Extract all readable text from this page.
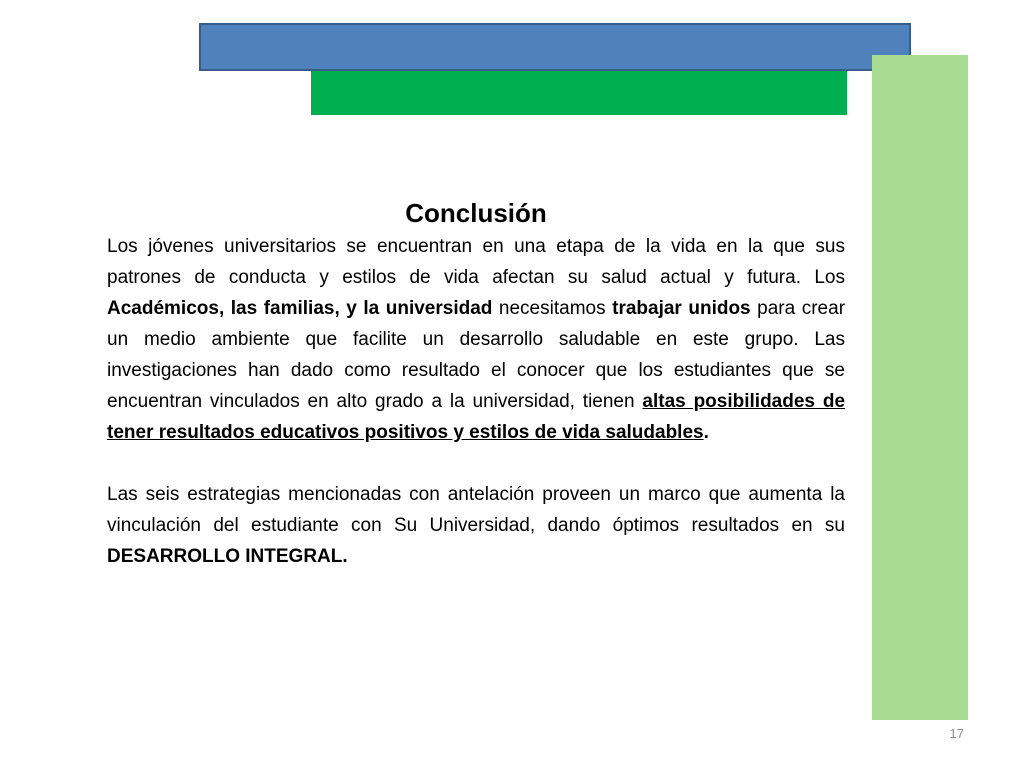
Conclusión

Los jóvenes universitarios se encuentran en una etapa de la vida en la que sus patrones de conducta y estilos de vida afectan su salud actual y futura. Los Académicos, las familias, y la universidad necesitamos trabajar unidos para crear un medio ambiente que facilite un desarrollo saludable en este grupo. Las investigaciones han dado como resultado el conocer que los estudiantes que se encuentran vinculados en alto grado a la universidad, tienen altas posibilidades de tener resultados educativos positivos y estilos de vida saludables.

Las seis estrategias mencionadas con antelación proveen un marco que aumenta la vinculación del estudiante con Su Universidad, dando óptimos resultados en su DESARROLLO INTEGRAL.

17
